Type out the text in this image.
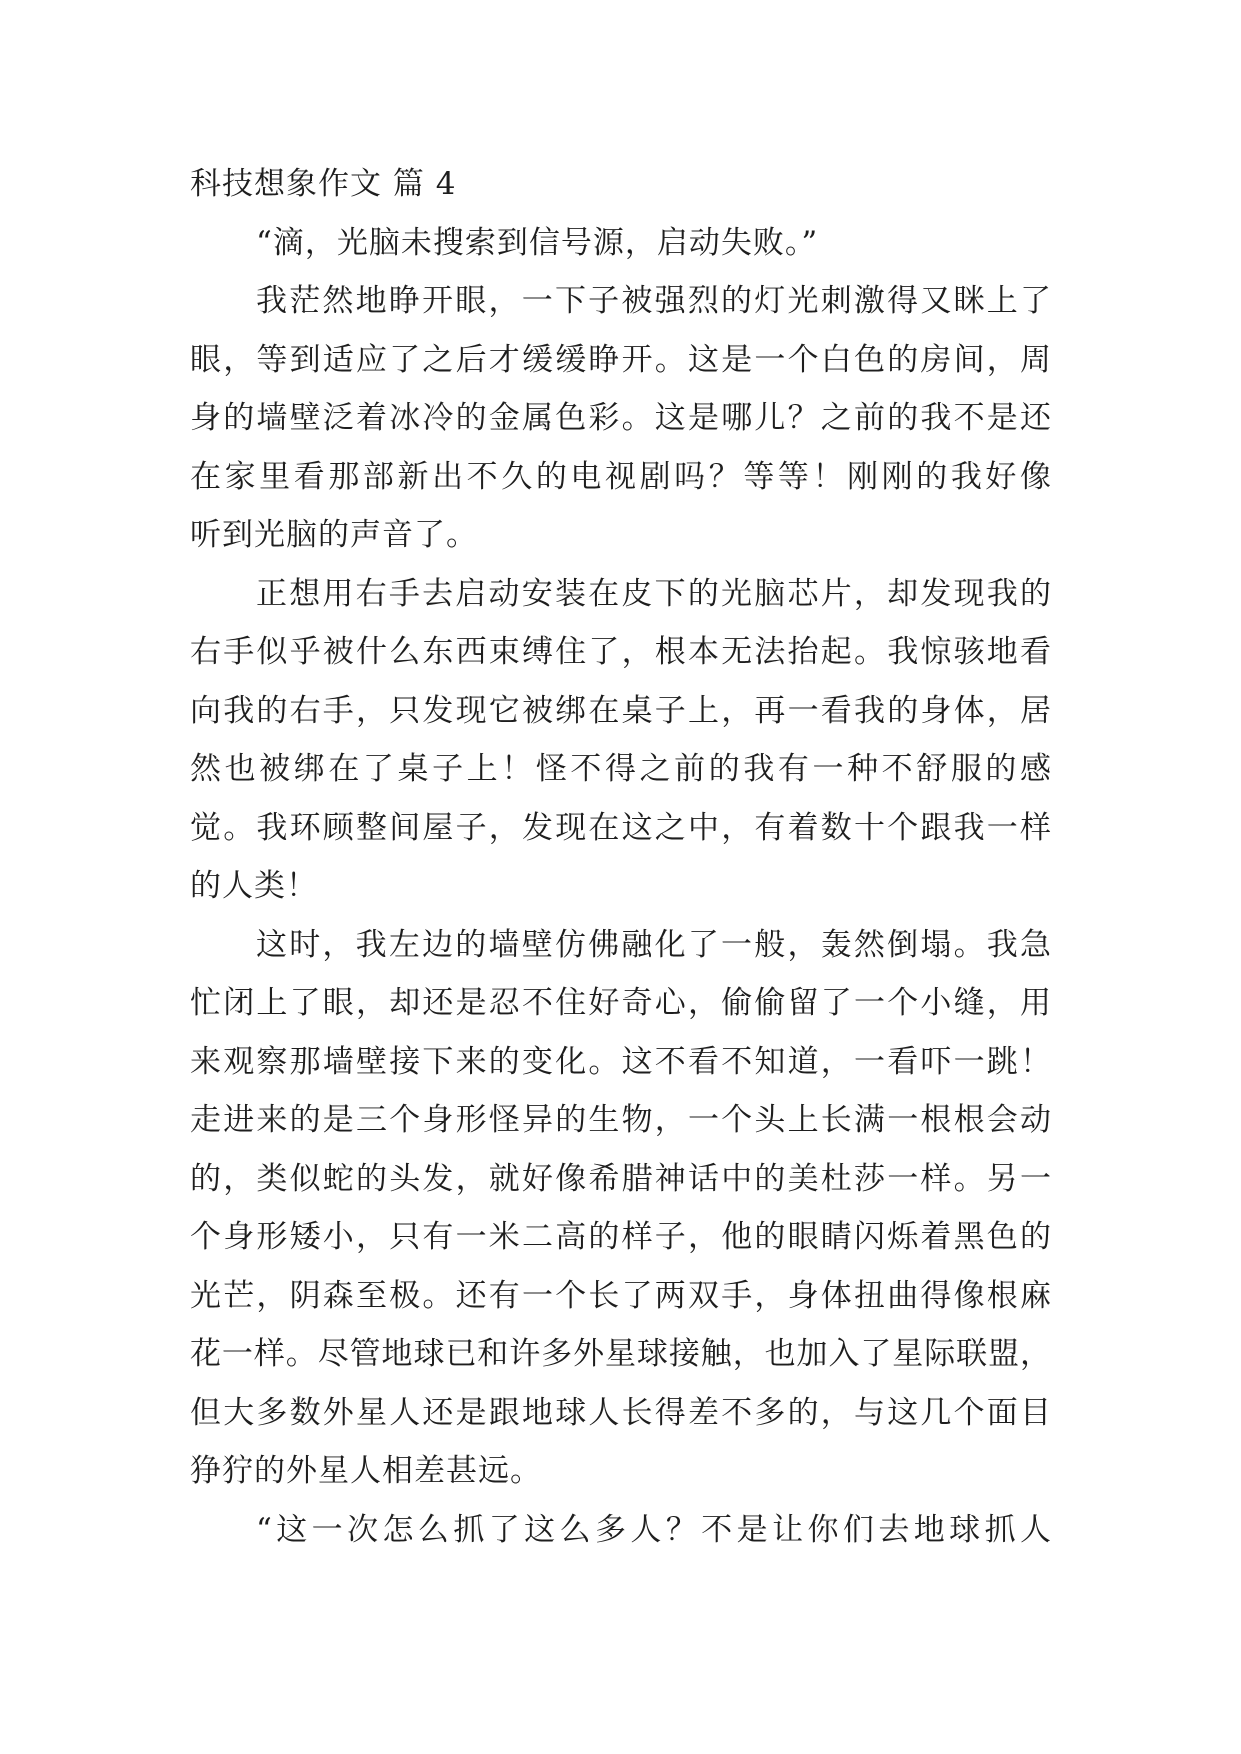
科技想象作文 篇 4
“滴，光脑未搜索到信号源，启动失败。”
我茫然地睁开眼，一下子被强烈的灯光刺激得又眯上了
眼，等到适应了之后才缓缓睁开。这是一个白色的房间，周
身的墙壁泛着冰冷的金属色彩。这是哪儿？之前的我不是还
在家里看那部新出不久的电视剧吗？等等！刚刚的我好像
听到光脑的声音了。
正想用右手去启动安装在皮下的光脑芯片，却发现我的
右手似乎被什么东西束缚住了，根本无法抬起。我惊骇地看
向我的右手，只发现它被绑在桌子上，再一看我的身体，居
然也被绑在了桌子上！怪不得之前的我有一种不舒服的感
觉。我环顾整间屋子，发现在这之中，有着数十个跟我一样
的人类！
这时，我左边的墙壁仿佛融化了一般，轰然倒塌。我急
忙闭上了眼，却还是忍不住好奇心，偷偷留了一个小缝，用
来观察那墙壁接下来的变化。这不看不知道，一看吓一跳！
走进来的是三个身形怪异的生物，一个头上长满一根根会动
的，类似蛇的头发，就好像希腊神话中的美杜莎一样。另一
个身形矮小，只有一米二高的样子，他的眼睛闪烁着黑色的
光芒，阴森至极。还有一个长了两双手，身体扭曲得像根麻
花一样。尽管地球已和许多外星球接触，也加入了星际联盟，
但大多数外星人还是跟地球人长得差不多的，与这几个面目
狰狞的外星人相差甚远。
“这一次怎么抓了这么多人？不是让你们去地球抓人
